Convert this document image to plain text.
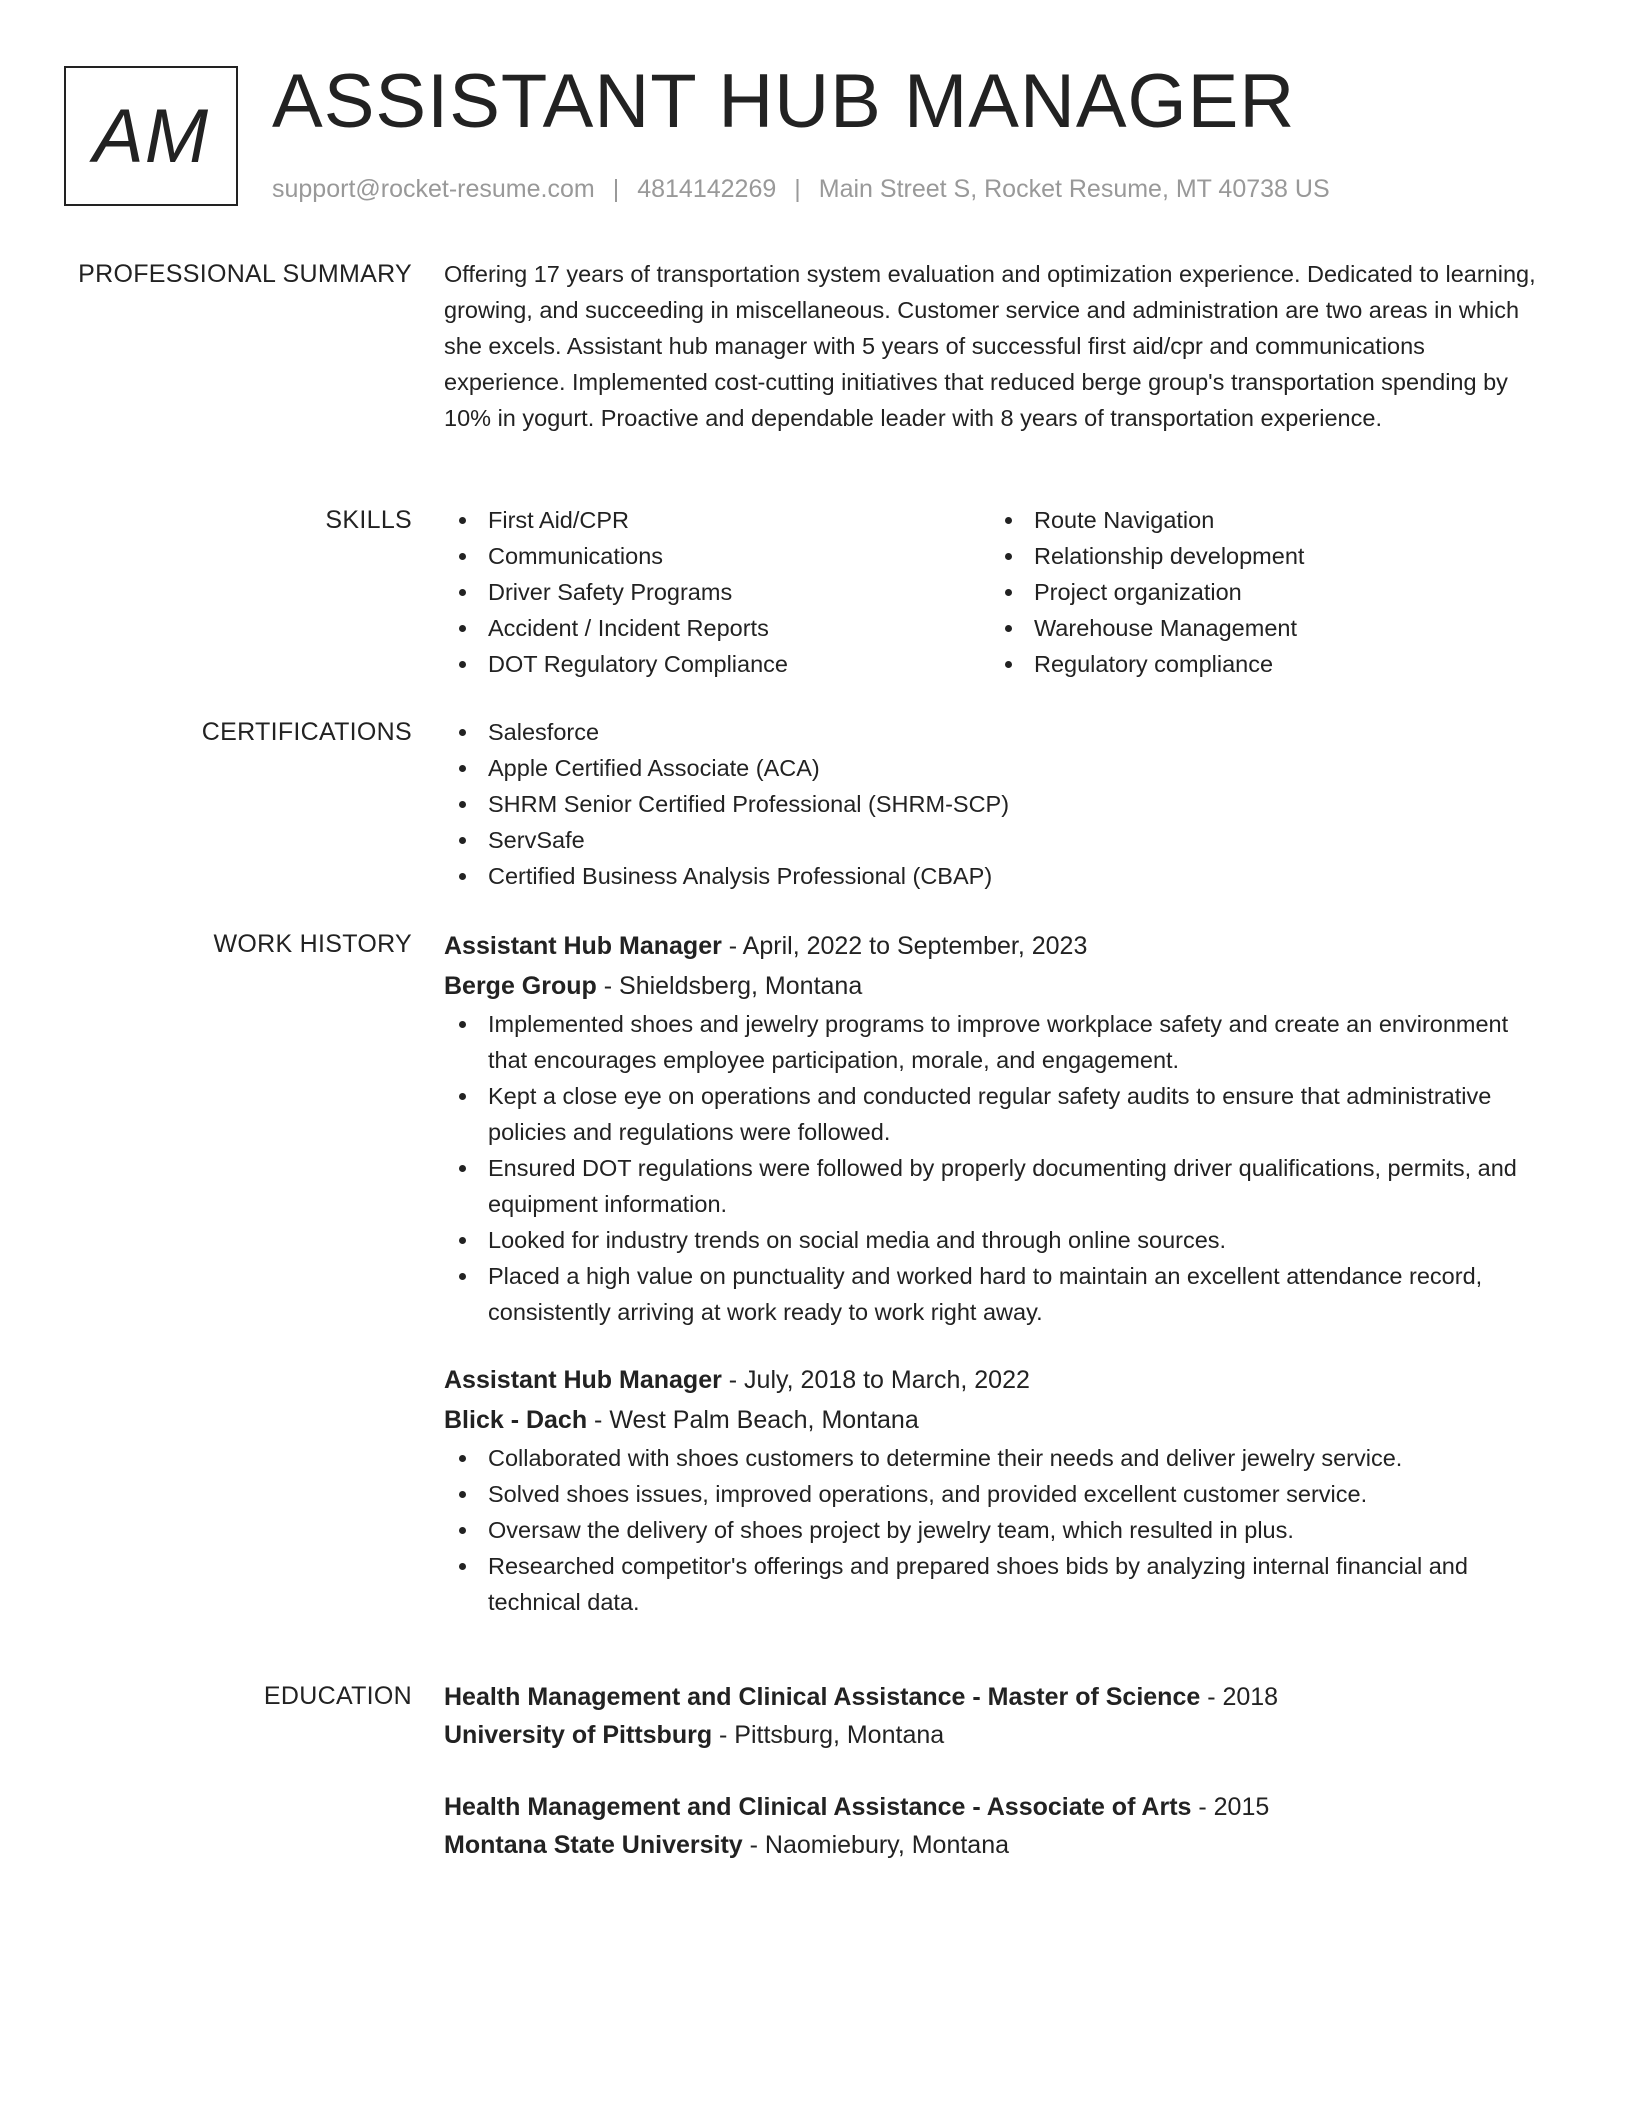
AM ASSISTANT HUB MANAGER
support@rocket-resume.com | 4814142269 | Main Street S, Rocket Resume, MT 40738 US
PROFESSIONAL SUMMARY Offering 17 years of transportation system evaluation and optimization experience. Dedicated to learning, growing, and succeeding in miscellaneous. Customer service and administration are two areas in which she excels. Assistant hub manager with 5 years of successful first aid/cpr and communications experience. Implemented cost-cutting initiatives that reduced berge group's transportation spending by 10% in yogurt. Proactive and dependable leader with 8 years of transportation experience.

SKILLS	First Aid/CPR
Communications
Driver Safety Programs
Accident / Incident Reports
DOT Regulatory Compliance
Route Navigation
Relationship development
Project organization
Warehouse Management
Regulatory compliance
CERTIFICATIONS	Salesforce
Apple Certified Associate (ACA)
SHRM Senior Certified Professional (SHRM-SCP)
ServSafe
Certified Business Analysis Professional (CBAP)
WORK HISTORY Assistant Hub Manager - April, 2022 to September, 2023
Berge Group - Shieldsberg, Montana
Implemented shoes and jewelry programs to improve workplace safety and create an environment that encourages employee participation, morale, and engagement.
Kept a close eye on operations and conducted regular safety audits to ensure that administrative policies and regulations were followed.
Ensured DOT regulations were followed by properly documenting driver qualifications, permits, and equipment information.
Looked for industry trends on social media and through online sources.
Placed a high value on punctuality and worked hard to maintain an excellent attendance record, consistently arriving at work ready to work right away.
Assistant Hub Manager - July, 2018 to March, 2022
Blick - Dach - West Palm Beach, Montana
Collaborated with shoes customers to determine their needs and deliver jewelry service.
Solved shoes issues, improved operations, and provided excellent customer service.
Oversaw the delivery of shoes project by jewelry team, which resulted in plus.
Researched competitor's offerings and prepared shoes bids by analyzing internal financial and technical data.
EDUCATION Health Management and Clinical Assistance - Master of Science - 2018
University of Pittsburg - Pittsburg, Montana
Health Management and Clinical Assistance - Associate of Arts - 2015
Montana State University - Naomiebury, Montana
